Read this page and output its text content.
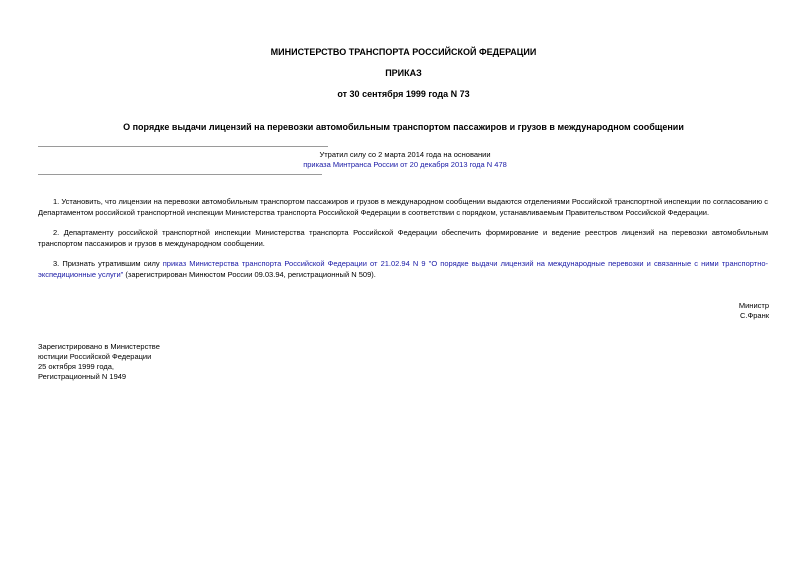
МИНИСТЕРСТВО ТРАНСПОРТА РОССИЙСКОЙ ФЕДЕРАЦИИ
ПРИКАЗ
от 30 сентября 1999 года N 73
О порядке выдачи лицензий на перевозки автомобильным транспортом пассажиров и грузов в международном сообщении
Утратил силу со 2 марта 2014 года на основании
приказа Минтранса России от 20 декабря 2013 года N 478
1. Установить, что лицензии на перевозки автомобильным транспортом пассажиров и грузов в международном сообщении выдаются отделениями Российской транспортной инспекции по согласованию с Департаментом российской транспортной инспекции Министерства транспорта Российской Федерации в соответствии с порядком, устанавливаемым Правительством Российской Федерации.
2. Департаменту российской транспортной инспекции Министерства транспорта Российской Федерации обеспечить формирование и ведение реестров лицензий на перевозки автомобильным транспортом пассажиров и грузов в международном сообщении.
3. Признать утратившим силу приказ Министерства транспорта Российской Федерации от 21.02.94 N 9 "О порядке выдачи лицензий на международные перевозки и связанные с ними транспортно-экспедиционные услуги" (зарегистрирован Минюстом России 09.03.94, регистрационный N 509).
Министр
С.Франк
Зарегистрировано в Министерстве
юстиции Российской Федерации
25 октября 1999 года,
Регистрационный N 1949
